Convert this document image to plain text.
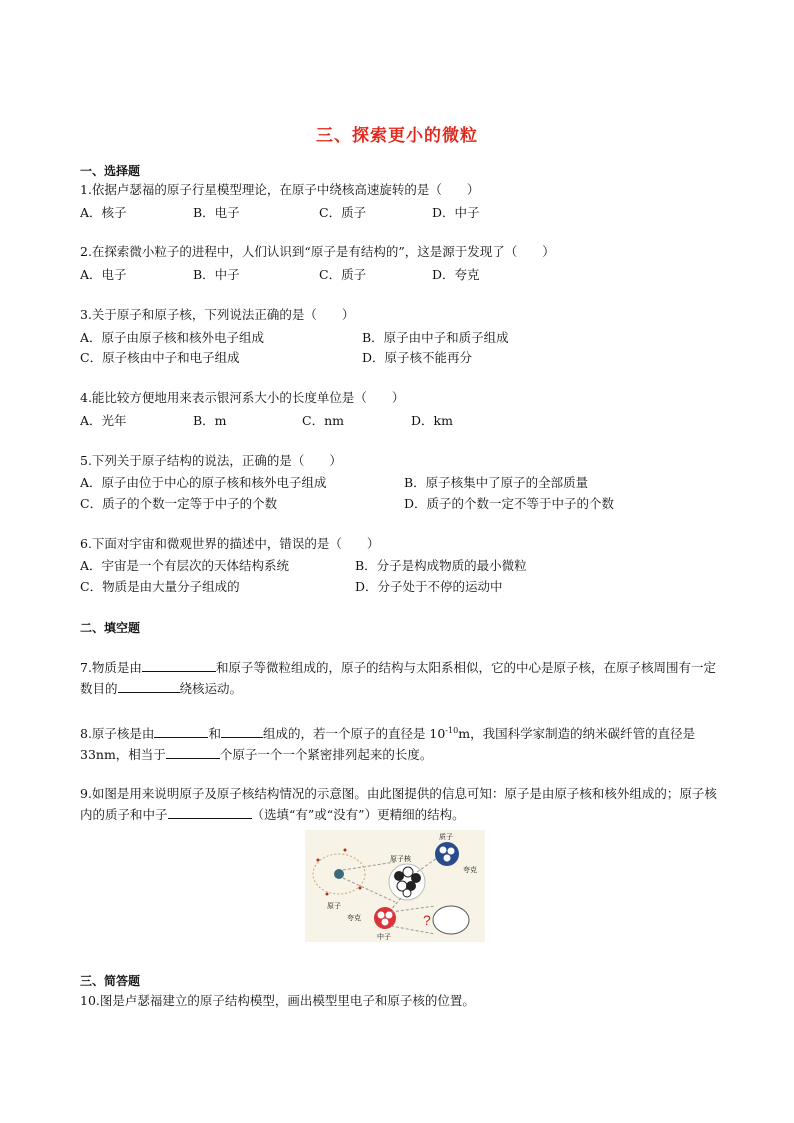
三、探索更小的微粒
一、选择题
1.依据卢瑟福的原子行星模型理论，在原子中绕核高速旋转的是（　　）
A．核子	B．电子	C．质子	D．中子
2.在探索微小粒子的进程中，人们认识到“原子是有结构的”，这是源于发现了（　　）
A．电子	B．中子	C．质子	D．夸克
3.关于原子和原子核，下列说法正确的是（　　）
A．原子由原子核和核外电子组成	B．原子由中子和质子组成
C．原子核由中子和电子组成	D．原子核不能再分
4.能比较方便地用来表示银河系大小的长度单位是（　　）
A．光年	B．m	C．nm	D．km
5.下列关于原子结构的说法，正确的是（　　）
A．原子由位于中心的原子核和核外电子组成	B．原子核集中了原子的全部质量
C．质子的个数一定等于中子的个数	D．质子的个数一定不等于中子的个数
6.下面对宇宙和微观世界的描述中，错误的是（　　）
A．宇宙是一个有层次的天体结构系统	B．分子是构成物质的最小微粒
C．物质是由大量分子组成的	D．分子处于不停的运动中
二、填空题
7.物质是由	和原子等微粒组成的，原子的结构与太阳系相似，它的中心是原子核，在原子核周围有一定数目的	绕核运动。
8.原子核是由	和	组成的，若一个原子的直径是 $10^{-10}m$，我国科学家制造的纳米碳纤管的直径是 33nm，相当于	个原子一个一个紧密排列起来的长度。
9.如图是用来说明原子及原子核结构情况的示意图。由此图提供的信息可知：原子是由原子核和核外组成的；原子核内的质子和中子	（选填“有”或“没有”）更精细的结构。
?
原子核
质子
夸克
原子
夸克
中子
三、简答题
10.图是卢瑟福建立的原子结构模型，画出模型里电子和原子核的位置。
